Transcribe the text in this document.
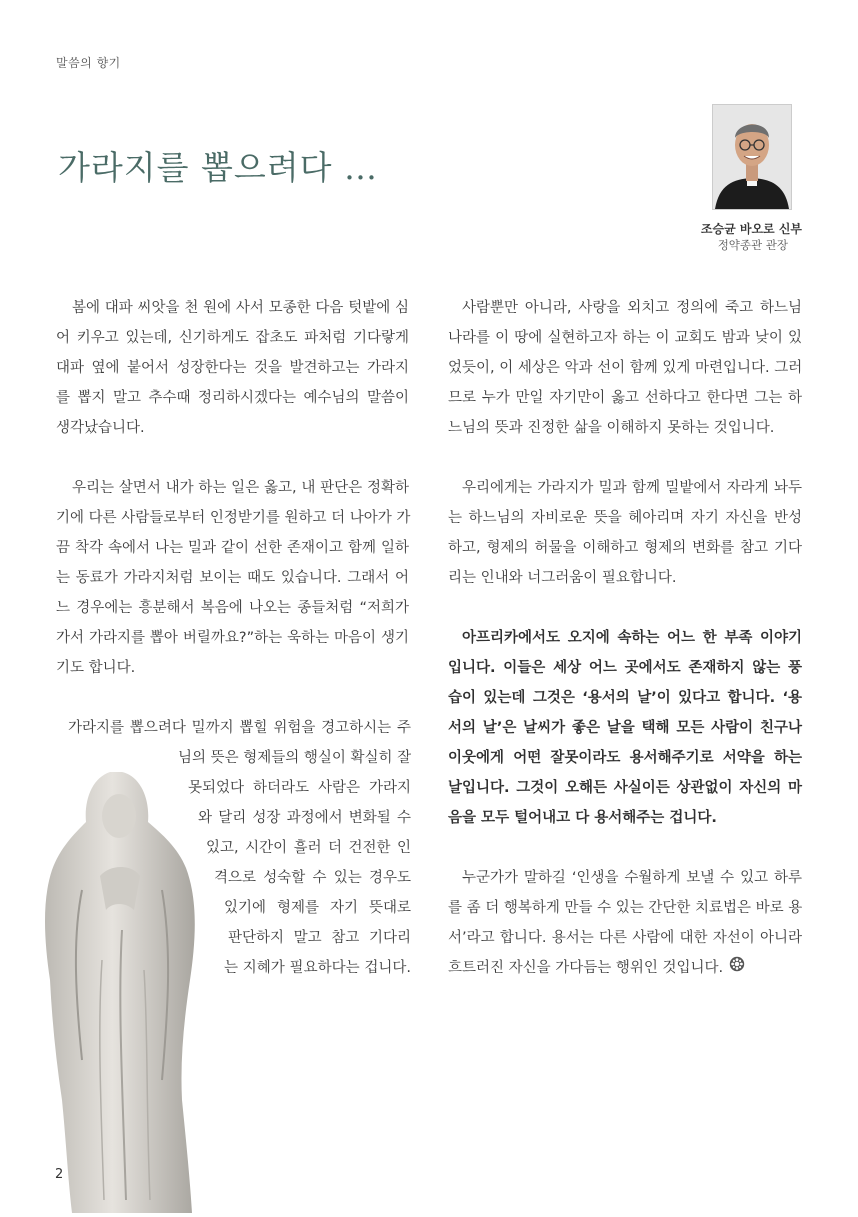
말씀의 향기
가라지를 뽑으려다 …
조승균 바오로 신부
정약종관 관장
봄에 대파 씨앗을 천 원에 사서 모종한 다음 텃밭에 심
어 키우고 있는데, 신기하게도 잡초도 파처럼 기다랗게
대파 옆에 붙어서 성장한다는 것을 발견하고는 가라지
를 뽑지 말고 추수때 정리하시겠다는 예수님의 말씀이
생각났습니다.
우리는 살면서 내가 하는 일은 옳고, 내 판단은 정확하
기에 다른 사람들로부터 인정받기를 원하고 더 나아가 가
끔 착각 속에서 나는 밀과 같이 선한 존재이고 함께 일하
는 동료가 가라지처럼 보이는 때도 있습니다. 그래서 어
느 경우에는 흥분해서 복음에 나오는 종들처럼 “저희가
가서 가라지를 뽑아 버릴까요?”하는 욱하는 마음이 생기
기도 합니다.
가라지를 뽑으려다 밀까지 뽑힐 위험을 경고하시는 주
님의 뜻은 형제들의 행실이 확실히 잘
못되었다 하더라도 사람은 가라지
와 달리 성장 과정에서 변화될 수
있고, 시간이 흘러 더 건전한 인
격으로 성숙할 수 있는 경우도
있기에 형제를 자기 뜻대로
판단하지 말고 참고 기다리
는 지혜가 필요하다는 겁니다.
사람뿐만 아니라, 사랑을 외치고 정의에 죽고 하느님
나라를 이 땅에 실현하고자 하는 이 교회도 밤과 낮이 있
었듯이, 이 세상은 악과 선이 함께 있게 마련입니다. 그러
므로 누가 만일 자기만이 옳고 선하다고 한다면 그는 하
느님의 뜻과 진정한 삶을 이해하지 못하는 것입니다.
우리에게는 가라지가 밀과 함께 밀밭에서 자라게 놔두
는 하느님의 자비로운 뜻을 헤아리며 자기 자신을 반성
하고, 형제의 허물을 이해하고 형제의 변화를 참고 기다
리는 인내와 너그러움이 필요합니다.
아프리카에서도 오지에 속하는 어느 한 부족 이야기
입니다. 이들은 세상 어느 곳에서도 존재하지 않는 풍
습이 있는데 그것은 ‘용서의 날’이 있다고 합니다. ‘용
서의 날’은 날씨가 좋은 날을 택해 모든 사람이 친구나
이웃에게 어떤 잘못이라도 용서해주기로 서약을 하는
날입니다. 그것이 오해든 사실이든 상관없이 자신의 마
음을 모두 털어내고 다 용서해주는 겁니다.
누군가가 말하길 ‘인생을 수월하게 보낼 수 있고 하루
를 좀 더 행복하게 만들 수 있는 간단한 치료법은 바로 용
서’라고 합니다. 용서는 다른 사람에 대한 자선이 아니라
흐트러진 자신을 가다듬는 행위인 것입니다.
2
